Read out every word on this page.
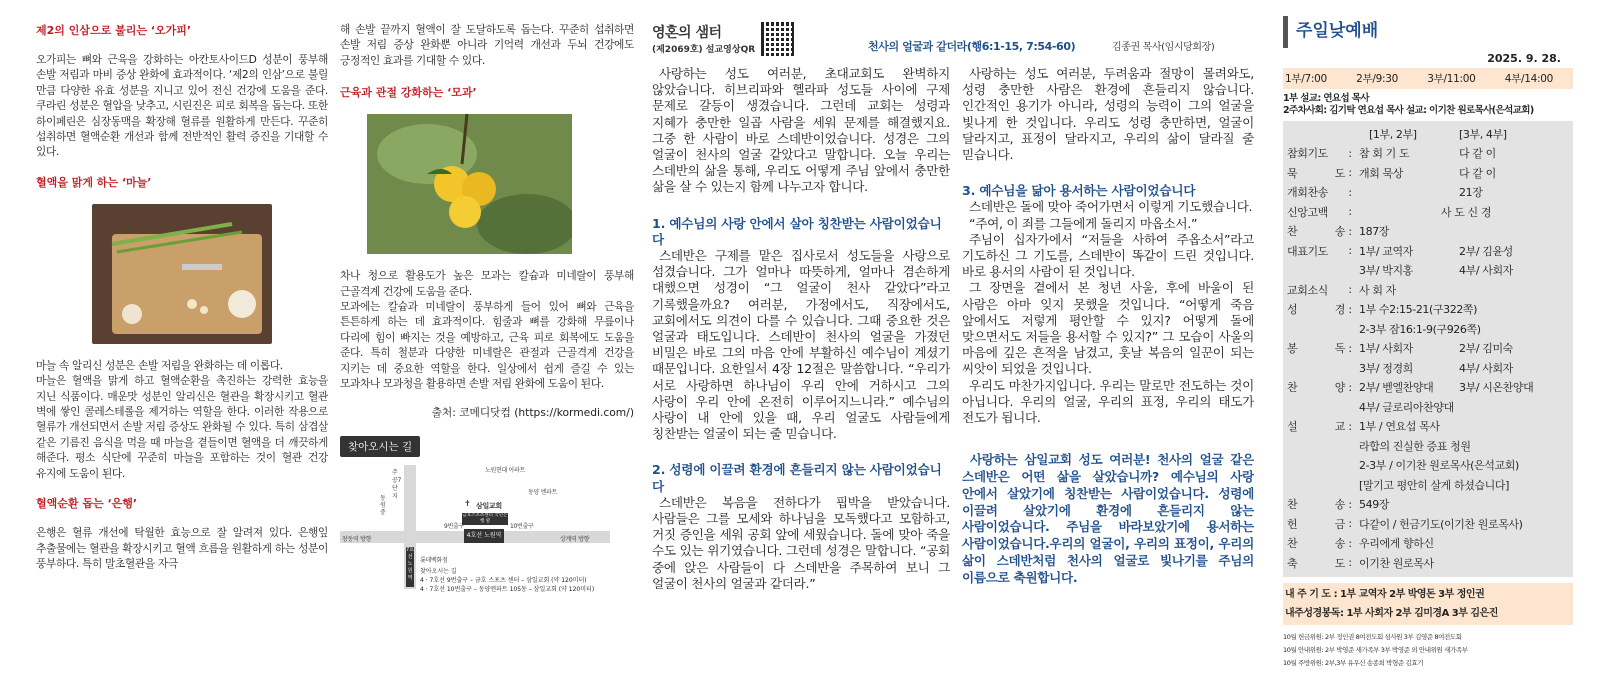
제2의 인삼으로 불리는 ‘오가피’

오가피는 뼈와 근육을 강화하는 아칸토사이드D 성분이 풍부해 손발 저림과 마비 증상 완화에 효과적이다. ‘제2의 인삼’으로 불릴 만큼 다양한 유효 성분을 지니고 있어 전신 건강에 도움을 준다. 쿠라린 성분은 혈압을 낮추고, 시린진은 피로 회복을 돕는다. 또한 하이페린은 심장동맥을 확장해 혈류를 원활하게 만든다. 꾸준히 섭취하면 혈액순환 개선과 함께 전반적인 활력 증진을 기대할 수 있다.

혈액을 맑게 하는 ‘마늘’

마늘 속 알리신 성분은 손발 저림을 완화하는 데 이롭다.

마늘은 혈액을 맑게 하고 혈액순환을 촉진하는 강력한 효능을 지닌 식품이다. 매운맛 성분인 알리신은 혈관을 확장시키고 혈관 벽에 쌓인 콜레스테롤을 제거하는 역할을 한다. 이러한 작용으로 혈류가 개선되면서 손발 저림 증상도 완화될 수 있다. 특히 삼겹살 같은 기름진 음식을 먹을 때 마늘을 곁들이면 혈액을 더 깨끗하게 해준다. 평소 식단에 꾸준히 마늘을 포함하는 것이 혈관 건강 유지에 도움이 된다.

혈액순환 돕는 ‘은행’

은행은 혈류 개선에 탁월한 효능으로 잘 알려져 있다. 은행잎 추출물에는 혈관을 확장시키고 혈액 흐름을 원활하게 하는 성분이 풍부하다. 특히 말초혈관을 자극

해 손발 끝까지 혈액이 잘 도달하도록 돕는다. 꾸준히 섭취하면 손발 저림 증상 완화뿐 아니라 기억력 개선과 두뇌 건강에도 긍정적인 효과를 기대할 수 있다.

근육과 관절 강화하는 ‘모과’

차나 청으로 활용도가 높은 모과는 칼슘과 미네랄이 풍부해 근골격계 건강에 도움을 준다.

모과에는 칼슘과 미네랄이 풍부하게 들어 있어 뼈와 근육을 튼튼하게 하는 데 효과적이다. 힘줄과 뼈를 강화해 무릎이나 다리에 힘이 빠지는 것을 예방하고, 근육 피로 회복에도 도움을 준다. 특히 철분과 다양한 미네랄은 관절과 근골격계 건강을 지키는 데 중요한 역할을 한다. 일상에서 쉽게 즐길 수 있는 모과차나 모과청을 활용하면 손발 저림 완화에 도움이 된다.

출처: 코메디닷컴 (https://kormedi.com/)
찾아오시는 길
주공7단지
노원현대 아파트
동양 엔파트
✝ 삼일교회
금호스포츠센터 국민은행 옆
4호선 노원역
9번출구	10번출구
창동역 방향	상계역 방향
7호선 노원역
롯데백화점
동원중
찾아오시는 길
4 · 7호선 9번출구 – 금호 스포츠 센터 – 삼일교회 (약 120미터)
4 · 7호선 10번출구 – 동양엔파트 105동 – 삼일교회 (약 120미터)
영혼의 샘터
(제2069호) 설교영상QR

사랑하는 성도 여러분, 초대교회도 완벽하지 않았습니다. 히브리파와 헬라파 성도들 사이에 구제 문제로 갈등이 생겼습니다. 그런데 교회는 성령과 지혜가 충만한 일곱 사람을 세워 문제를 해결했지요. 그중 한 사람이 바로 스데반이었습니다. 성경은 그의 얼굴이 천사의 얼굴 같았다고 말합니다. 오늘 우리는 스데반의 삶을 통해, 우리도 어떻게 주님 앞에서 충만한 삶을 살 수 있는지 함께 나누고자 합니다.

1. 예수님의 사랑 안에서 살아 칭찬받는 사람이었습니다

스데반은 구제를 맡은 집사로서 성도들을 사랑으로 섬겼습니다. 그가 얼마나 따뜻하게, 얼마나 겸손하게 대했으면 성경이 “그 얼굴이 천사 같았다”라고 기록했을까요? 여러분, 가정에서도, 직장에서도, 교회에서도 의견이 다를 수 있습니다. 그때 중요한 것은 얼굴과 태도입니다. 스데반이 천사의 얼굴을 가졌던 비밀은 바로 그의 마음 안에 부활하신 예수님이 계셨기 때문입니다. 요한일서 4장 12절은 말씀합니다. “우리가 서로 사랑하면 하나님이 우리 안에 거하시고 그의 사랑이 우리 안에 온전히 이루어지느니라.” 예수님의 사랑이 내 안에 있을 때, 우리 얼굴도 사람들에게 칭찬받는 얼굴이 되는 줄 믿습니다.

2. 성령에 이끌려 환경에 흔들리지 않는 사람이었습니다

스데반은 복음을 전하다가 핍박을 받았습니다. 사람들은 그를 모세와 하나님을 모독했다고 모함하고, 거짓 증인을 세워 공회 앞에 세웠습니다. 돌에 맞아 죽을 수도 있는 위기였습니다. 그런데 성경은 말합니다. “공회 중에 앉은 사람들이 다 스데반을 주목하여 보니 그 얼굴이 천사의 얼굴과 같더라.”

천사의 얼굴과 같더라(행6:1-15, 7:54-60)	김종권 목사(임시당회장)

사랑하는 성도 여러분, 두려움과 절망이 몰려와도, 성령 충만한 사람은 환경에 흔들리지 않습니다. 인간적인 용기가 아니라, 성령의 능력이 그의 얼굴을 빛나게 한 것입니다. 우리도 성령 충만하면, 얼굴이 달라지고, 표정이 달라지고, 우리의 삶이 달라질 줄 믿습니다.

3. 예수님을 닮아 용서하는 사람이었습니다

스데반은 돌에 맞아 죽어가면서 이렇게 기도했습니다.

“주여, 이 죄를 그들에게 돌리지 마옵소서.”

주님이 십자가에서 “저들을 사하여 주옵소서”라고 기도하신 그 기도를, 스데반이 똑같이 드린 것입니다. 바로 용서의 사람이 된 것입니다.

그 장면을 곁에서 본 청년 사울, 후에 바울이 된 사람은 아마 잊지 못했을 것입니다. “어떻게 죽음 앞에서도 저렇게 평안할 수 있지? 어떻게 돌에 맞으면서도 저들을 용서할 수 있지?” 그 모습이 사울의 마음에 깊은 흔적을 남겼고, 훗날 복음의 일꾼이 되는 씨앗이 되었을 것입니다.

우리도 마찬가지입니다. 우리는 말로만 전도하는 것이 아닙니다. 우리의 얼굴, 우리의 표정, 우리의 태도가 전도가 됩니다.

사랑하는 삼일교회 성도 여러분! 천사의 얼굴 같은 스데반은 어떤 삶을 살았습니까? 예수님의 사랑 안에서 살았기에 칭찬받는 사람이었습니다. 성령에 이끌려 살았기에 환경에 흔들리지 않는 사람이었습니다. 주님을 바라보았기에 용서하는 사람이었습니다.우리의 얼굴이, 우리의 표정이, 우리의 삶이 스데반처럼 천사의 얼굴로 빛나기를 주님의 이름으로 축원합니다.

주일낮예배
2025. 9. 28.
1부/7:00	2부/9:30	3부/11:00	4부/14:00
1부 설교: 연요섭 목사
2주차사회: 김기탁 연요섭 목사 설교: 이기찬 원로목사(은석교회)
[1부, 2부]	[3부, 4부]
참회기도	: 참 회 기 도	다 같 이
묵 도 : 개회 묵상	다 같 이
개회찬송	:	21장
신앙고백	:	사 도 신 경
찬 송 : 187장
대표기도	: 1부/ 교역자	2부/ 김윤성
3부/ 박지홍	4부/ 사회자
교회소식	: 사 회 자
성 경 : 1부 수2:15-21(구322쪽)
2-3부 잠16:1-9(구926쪽)
봉 독 : 1부/ 사회자	2부/ 김미숙
3부/ 정경희	4부/ 사회자
찬 양 : 2부/ 벧엘찬양대	3부/ 시온찬양대
4부/ 글로리아찬양대
설 교 : 1부 / 연요섭 목사
라합의 진실한 증표 청원
2-3부 / 이기찬 원로목사(은석교회)
[말기고 평안히 살게 하셨습니다]
찬 송 : 549장
헌 금 : 다같이 / 헌금기도(이기찬 원로목사)
찬 송 : 우리에게 향하신
축 도 : 이기찬 원로목사
내 주 기 도 : 1부 교역자 2부 박영돈 3부 정인권
내주성경봉독: 1부 사회자 2부 김미경A 3부 김은진
10월 헌금위원: 2부 정인권 8여전도회 섬사원 3부 김영준 8여전도회
10월 안내위원: 2부 박영준 새가족부 3부 박영준 외 안내위원 새가족부
10월 주방위원: 2부,3부 유우신 송종희 박형준 김효기
